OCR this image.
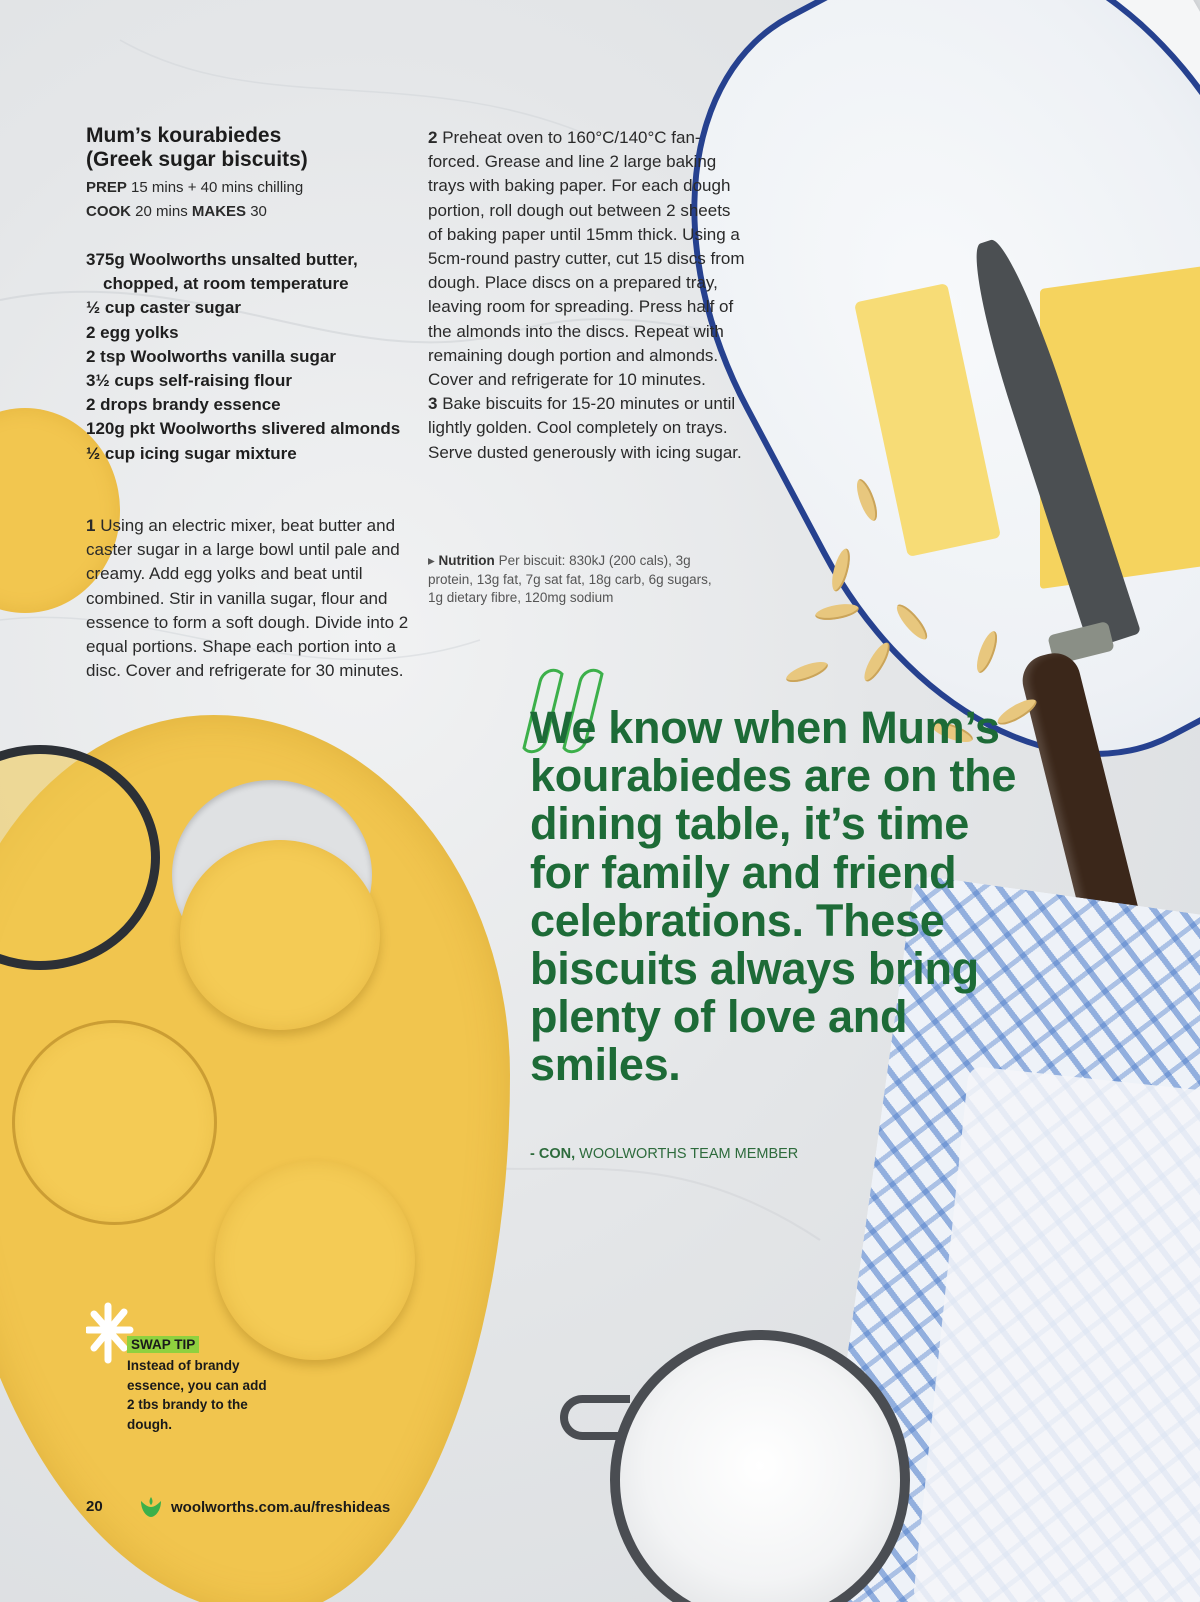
Mum’s kourabiedes
(Greek sugar biscuits)
PREP 15 mins + 40 mins chilling
COOK 20 mins MAKES 30
375g Woolworths unsalted butter, chopped, at room temperature
½ cup caster sugar
2 egg yolks
2 tsp Woolworths vanilla sugar
3½ cups self-raising flour
2 drops brandy essence
120g pkt Woolworths slivered almonds
½ cup icing sugar mixture
1 Using an electric mixer, beat butter and caster sugar in a large bowl until pale and creamy. Add egg yolks and beat until combined. Stir in vanilla sugar, flour and essence to form a soft dough. Divide into 2 equal portions. Shape each portion into a disc. Cover and refrigerate for 30 minutes.
2 Preheat oven to 160°C/140°C fan-forced. Grease and line 2 large baking trays with baking paper. For each dough portion, roll dough out between 2 sheets of baking paper until 15mm thick. Using a 5cm-round pastry cutter, cut 15 discs from dough. Place discs on a prepared tray, leaving room for spreading. Press half of the almonds into the discs. Repeat with remaining dough portion and almonds. Cover and refrigerate for 10 minutes.
3 Bake biscuits for 15-20 minutes or until lightly golden. Cool completely on trays. Serve dusted generously with icing sugar.
▸ Nutrition Per biscuit: 830kJ (200 cals), 3g protein, 13g fat, 7g sat fat, 18g carb, 6g sugars, 1g dietary fibre, 120mg sodium
We know when Mum’s kourabiedes are on the dining table, it’s time for family and friend celebrations. These biscuits always bring plenty of love and smiles.
- CON, WOOLWORTHS TEAM MEMBER
SWAP TIP
Instead of brandy essence, you can add 2 tbs brandy to the dough.
20	woolworths.com.au/freshideas
